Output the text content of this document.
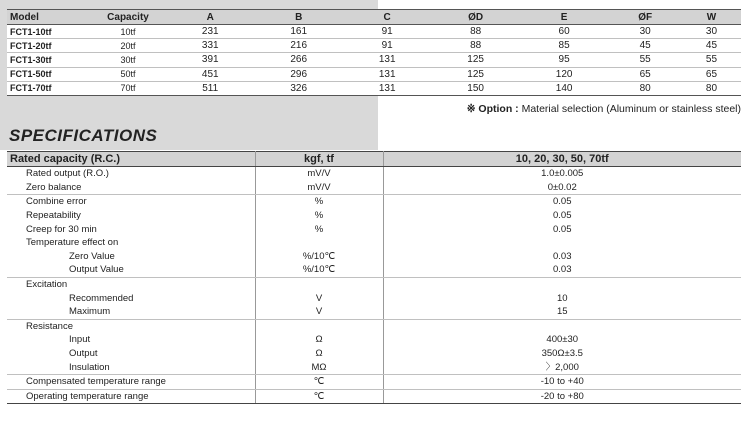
Model	Capacity	A	B	C	ØD	E	ØF	W
FCT1-10tf	10tf	231	161	91	88	60	30	30
FCT1-20tf	20tf	331	216	91	88	85	45	45
FCT1-30tf	30tf	391	266	131	125	95	55	55
FCT1-50tf	50tf	451	296	131	125	120	65	65
FCT1-70tf	70tf	511	326	131	150	140	80	80
※ Option : Material selection (Aluminum or stainless steel)
SPECIFICATIONS
Rated capacity (R.C.)	kgf, tf	10, 20, 30, 50, 70tf
Rated output (R.O.)	mV/V	1.0±0.005
Zero balance	mV/V	0±0.02
Combine error	%	0.05
Repeatability	%	0.05
Creep for 30 min	%	0.05
Temperature effect on		
Zero Value	%/10℃	0.03
Output Value	%/10℃	0.03
Excitation		
Recommended	V	10
Maximum	V	15
Resistance		
Input	Ω	400±30
Output	Ω	350Ω±3.5
Insulation	MΩ	〉2,000
Compensated temperature range	℃	-10 to +40
Operating temperature range	℃	-20 to +80
